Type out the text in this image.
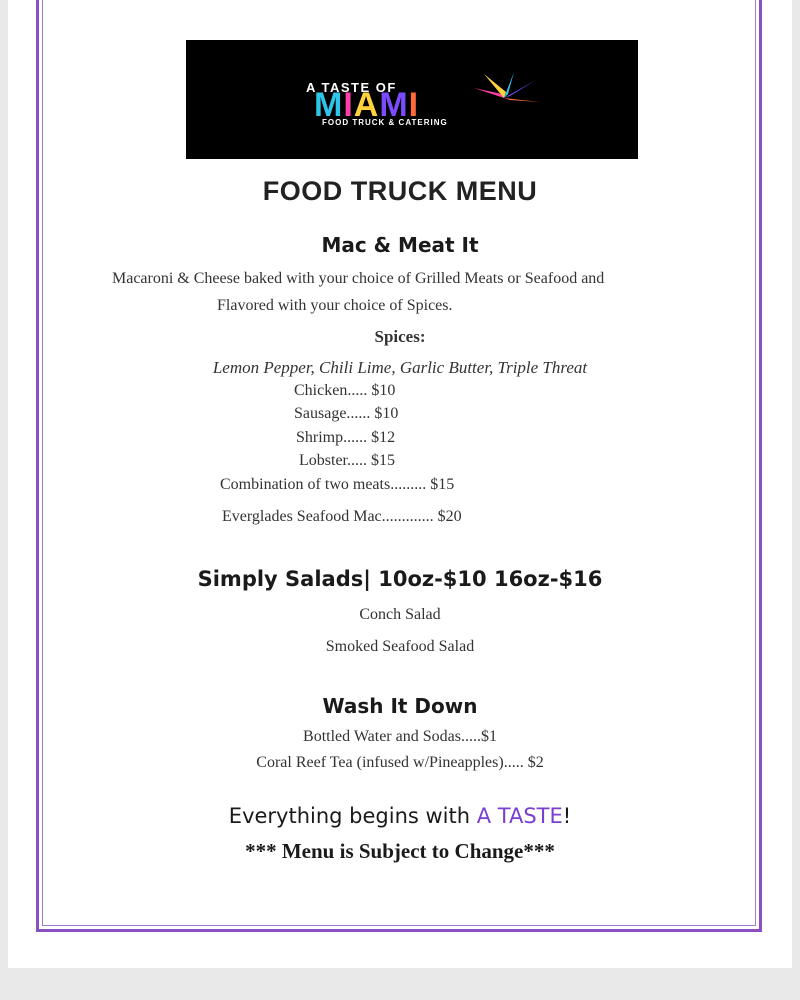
A TASTE OF
MIAMI
FOOD TRUCK & CATERING
FOOD TRUCK MENU
Mac & Meat It
Macaroni & Cheese baked with your choice of Grilled Meats or Seafood and
Flavored with your choice of Spices.
Spices:
Lemon Pepper, Chili Lime, Garlic Butter, Triple Threat
Chicken..... $10
Sausage...... $10
Shrimp...... $12
Lobster..... $15
Combination of two meats......... $15
Everglades Seafood Mac............. $20
Simply Salads| 10oz-$10 16oz-$16
Conch Salad
Smoked Seafood Salad
Wash It Down
Bottled Water and Sodas.....$1
Coral Reef Tea (infused w/Pineapples)..... $2
Everything begins with A TASTE!
*** Menu is Subject to Change***
